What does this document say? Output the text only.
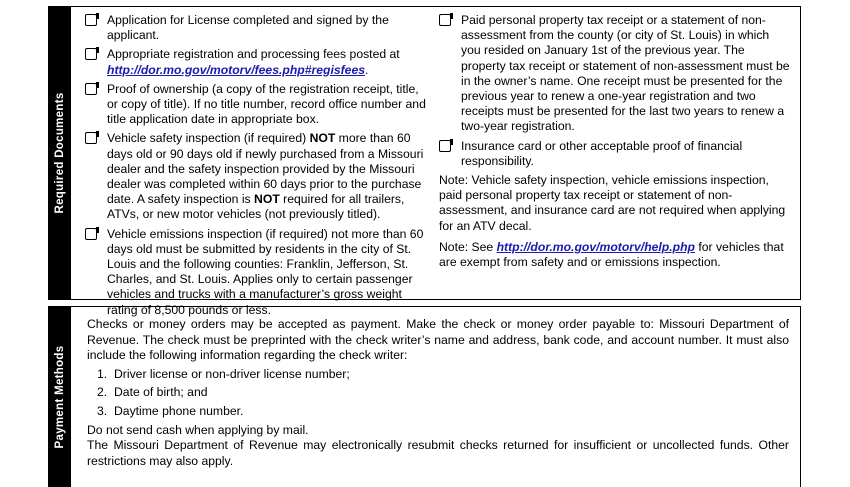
Required Documents
Application for License completed and signed by the applicant.
Appropriate registration and processing fees posted at http://dor.mo.gov/motorv/fees.php#regisfees.
Proof of ownership (a copy of the registration receipt, title, or copy of title). If no title number, record office number and title application date in appropriate box.
Vehicle safety inspection (if required) NOT more than 60 days old or 90 days old if newly purchased from a Missouri dealer and the safety inspection provided by the Missouri dealer was completed within 60 days prior to the purchase date. A safety inspection is NOT required for all trailers, ATVs, or new motor vehicles (not previously titled).
Vehicle emissions inspection (if required) not more than 60 days old must be submitted by residents in the city of St. Louis and the following counties: Franklin, Jefferson, St. Charles, and St. Louis. Applies only to certain passenger vehicles and trucks with a manufacturer’s gross weight rating of 8,500 pounds or less.
Paid personal property tax receipt or a statement of non-assessment from the county (or city of St. Louis) in which you resided on January 1st of the previous year. The property tax receipt or statement of non-assessment must be in the owner’s name. One receipt must be presented for the previous year to renew a one-year registration and two receipts must be presented for the last two years to renew a two-year registration.
Insurance card or other acceptable proof of financial responsibility.
Note: Vehicle safety inspection, vehicle emissions inspection, paid personal property tax receipt or statement of non-assessment, and insurance card are not required when applying for an ATV decal.
Note: See http://dor.mo.gov/motorv/help.php for vehicles that are exempt from safety and or emissions inspection.
Payment Methods

Checks or money orders may be accepted as payment. Make the check or money order payable to: Missouri Department of Revenue. The check must be preprinted with the check writer’s name and address, bank code, and account number. It must also include the following information regarding the check writer:

1. Driver license or non-driver license number;
2. Date of birth; and
3. Daytime phone number.

Do not send cash when applying by mail.

The Missouri Department of Revenue may electronically resubmit checks returned for insufficient or uncollected funds. Other restrictions may also apply.
